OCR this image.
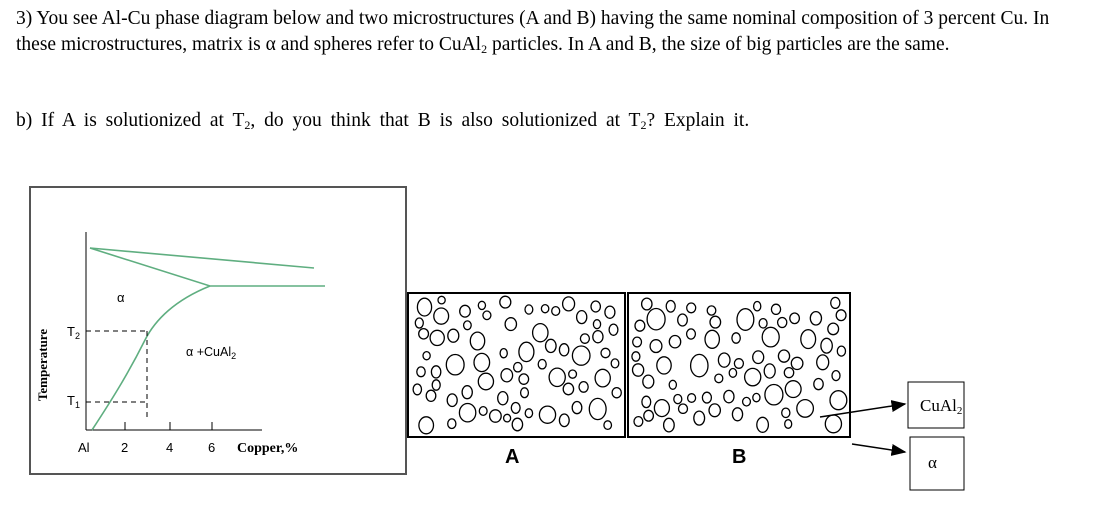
3) You see Al-Cu phase diagram below and two microstructures (A and B) having the same nominal composition of 3 percent Cu. In these microstructures, matrix is α and spheres refer to CuAl$_2$ particles. In A and B, the size of big particles are the same.
b) If A is solutionized at $T_2$, do you think that B is also solutionized at $T_2$? Explain it.
Temperature $T_2$
$T_1$
α
α +CuAl$_2$
Al 2	4	6 Copper,%	A	B
CuAl2
α
